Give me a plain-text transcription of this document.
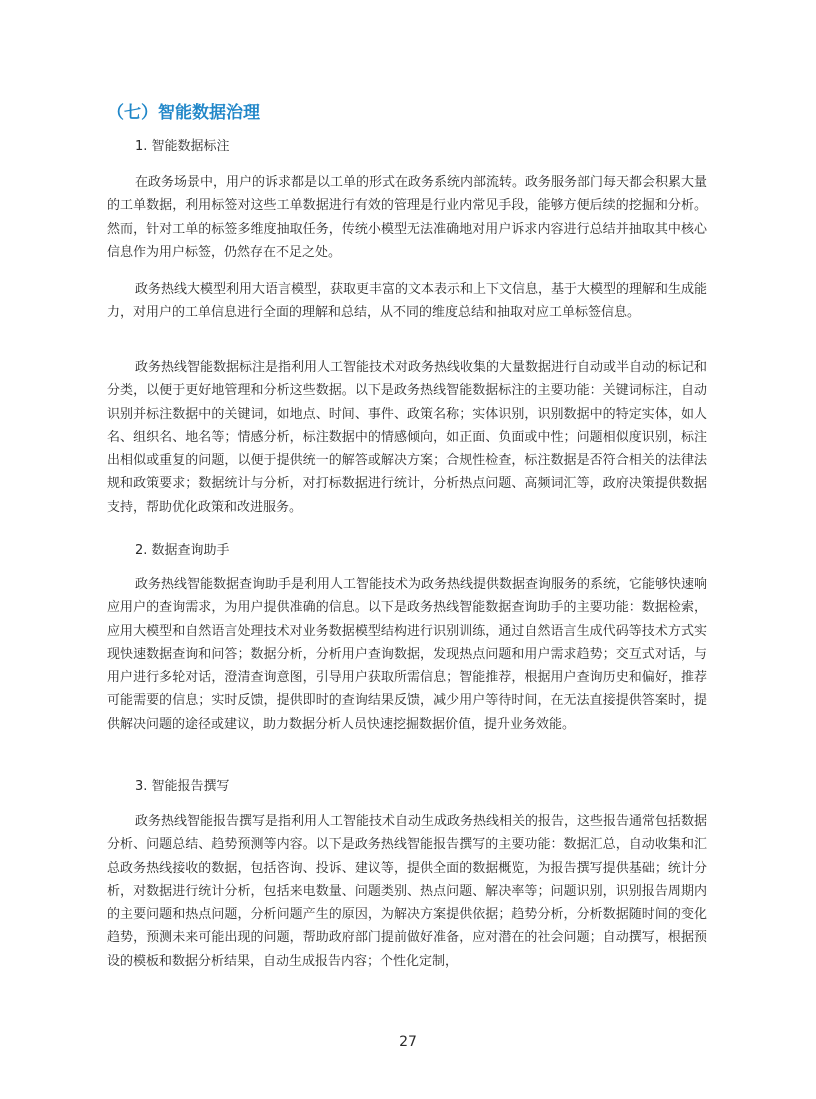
（七）智能数据治理

1. 智能数据标注

在政务场景中，用户的诉求都是以工单的形式在政务系统内部流转。政务服务部门每天都会积累大量的工单数据，利用标签对这些工单数据进行有效的管理是行业内常见手段，能够方便后续的挖掘和分析。然而，针对工单的标签多维度抽取任务，传统小模型无法准确地对用户诉求内容进行总结并抽取其中核心信息作为用户标签，仍然存在不足之处。

政务热线大模型利用大语言模型，获取更丰富的文本表示和上下文信息，基于大模型的理解和生成能力，对用户的工单信息进行全面的理解和总结，从不同的维度总结和抽取对应工单标签信息。

政务热线智能数据标注是指利用人工智能技术对政务热线收集的大量数据进行自动或半自动的标记和分类，以便于更好地管理和分析这些数据。以下是政务热线智能数据标注的主要功能：关键词标注，自动识别并标注数据中的关键词，如地点、时间、事件、政策名称；实体识别，识别数据中的特定实体，如人名、组织名、地名等；情感分析，标注数据中的情感倾向，如正面、负面或中性；问题相似度识别，标注出相似或重复的问题，以便于提供统一的解答或解决方案；合规性检查，标注数据是否符合相关的法律法规和政策要求；数据统计与分析，对打标数据进行统计，分析热点问题、高频词汇等，政府决策提供数据支持，帮助优化政策和改进服务。

2. 数据查询助手

政务热线智能数据查询助手是利用人工智能技术为政务热线提供数据查询服务的系统，它能够快速响应用户的查询需求，为用户提供准确的信息。以下是政务热线智能数据查询助手的主要功能：数据检索，应用大模型和自然语言处理技术对业务数据模型结构进行识别训练，通过自然语言生成代码等技术方式实现快速数据查询和问答；数据分析，分析用户查询数据，发现热点问题和用户需求趋势；交互式对话，与用户进行多轮对话，澄清查询意图，引导用户获取所需信息；智能推荐，根据用户查询历史和偏好，推荐可能需要的信息；实时反馈，提供即时的查询结果反馈，减少用户等待时间，在无法直接提供答案时，提供解决问题的途径或建议，助力数据分析人员快速挖掘数据价值，提升业务效能。

3. 智能报告撰写

政务热线智能报告撰写是指利用人工智能技术自动生成政务热线相关的报告，这些报告通常包括数据分析、问题总结、趋势预测等内容。以下是政务热线智能报告撰写的主要功能：数据汇总，自动收集和汇总政务热线接收的数据，包括咨询、投诉、建议等，提供全面的数据概览，为报告撰写提供基础；统计分析，对数据进行统计分析，包括来电数量、问题类别、热点问题、解决率等；问题识别，识别报告周期内的主要问题和热点问题，分析问题产生的原因，为解决方案提供依据；趋势分析，分析数据随时间的变化趋势，预测未来可能出现的问题，帮助政府部门提前做好准备，应对潜在的社会问题；自动撰写，根据预设的模板和数据分析结果，自动生成报告内容；个性化定制，

27
